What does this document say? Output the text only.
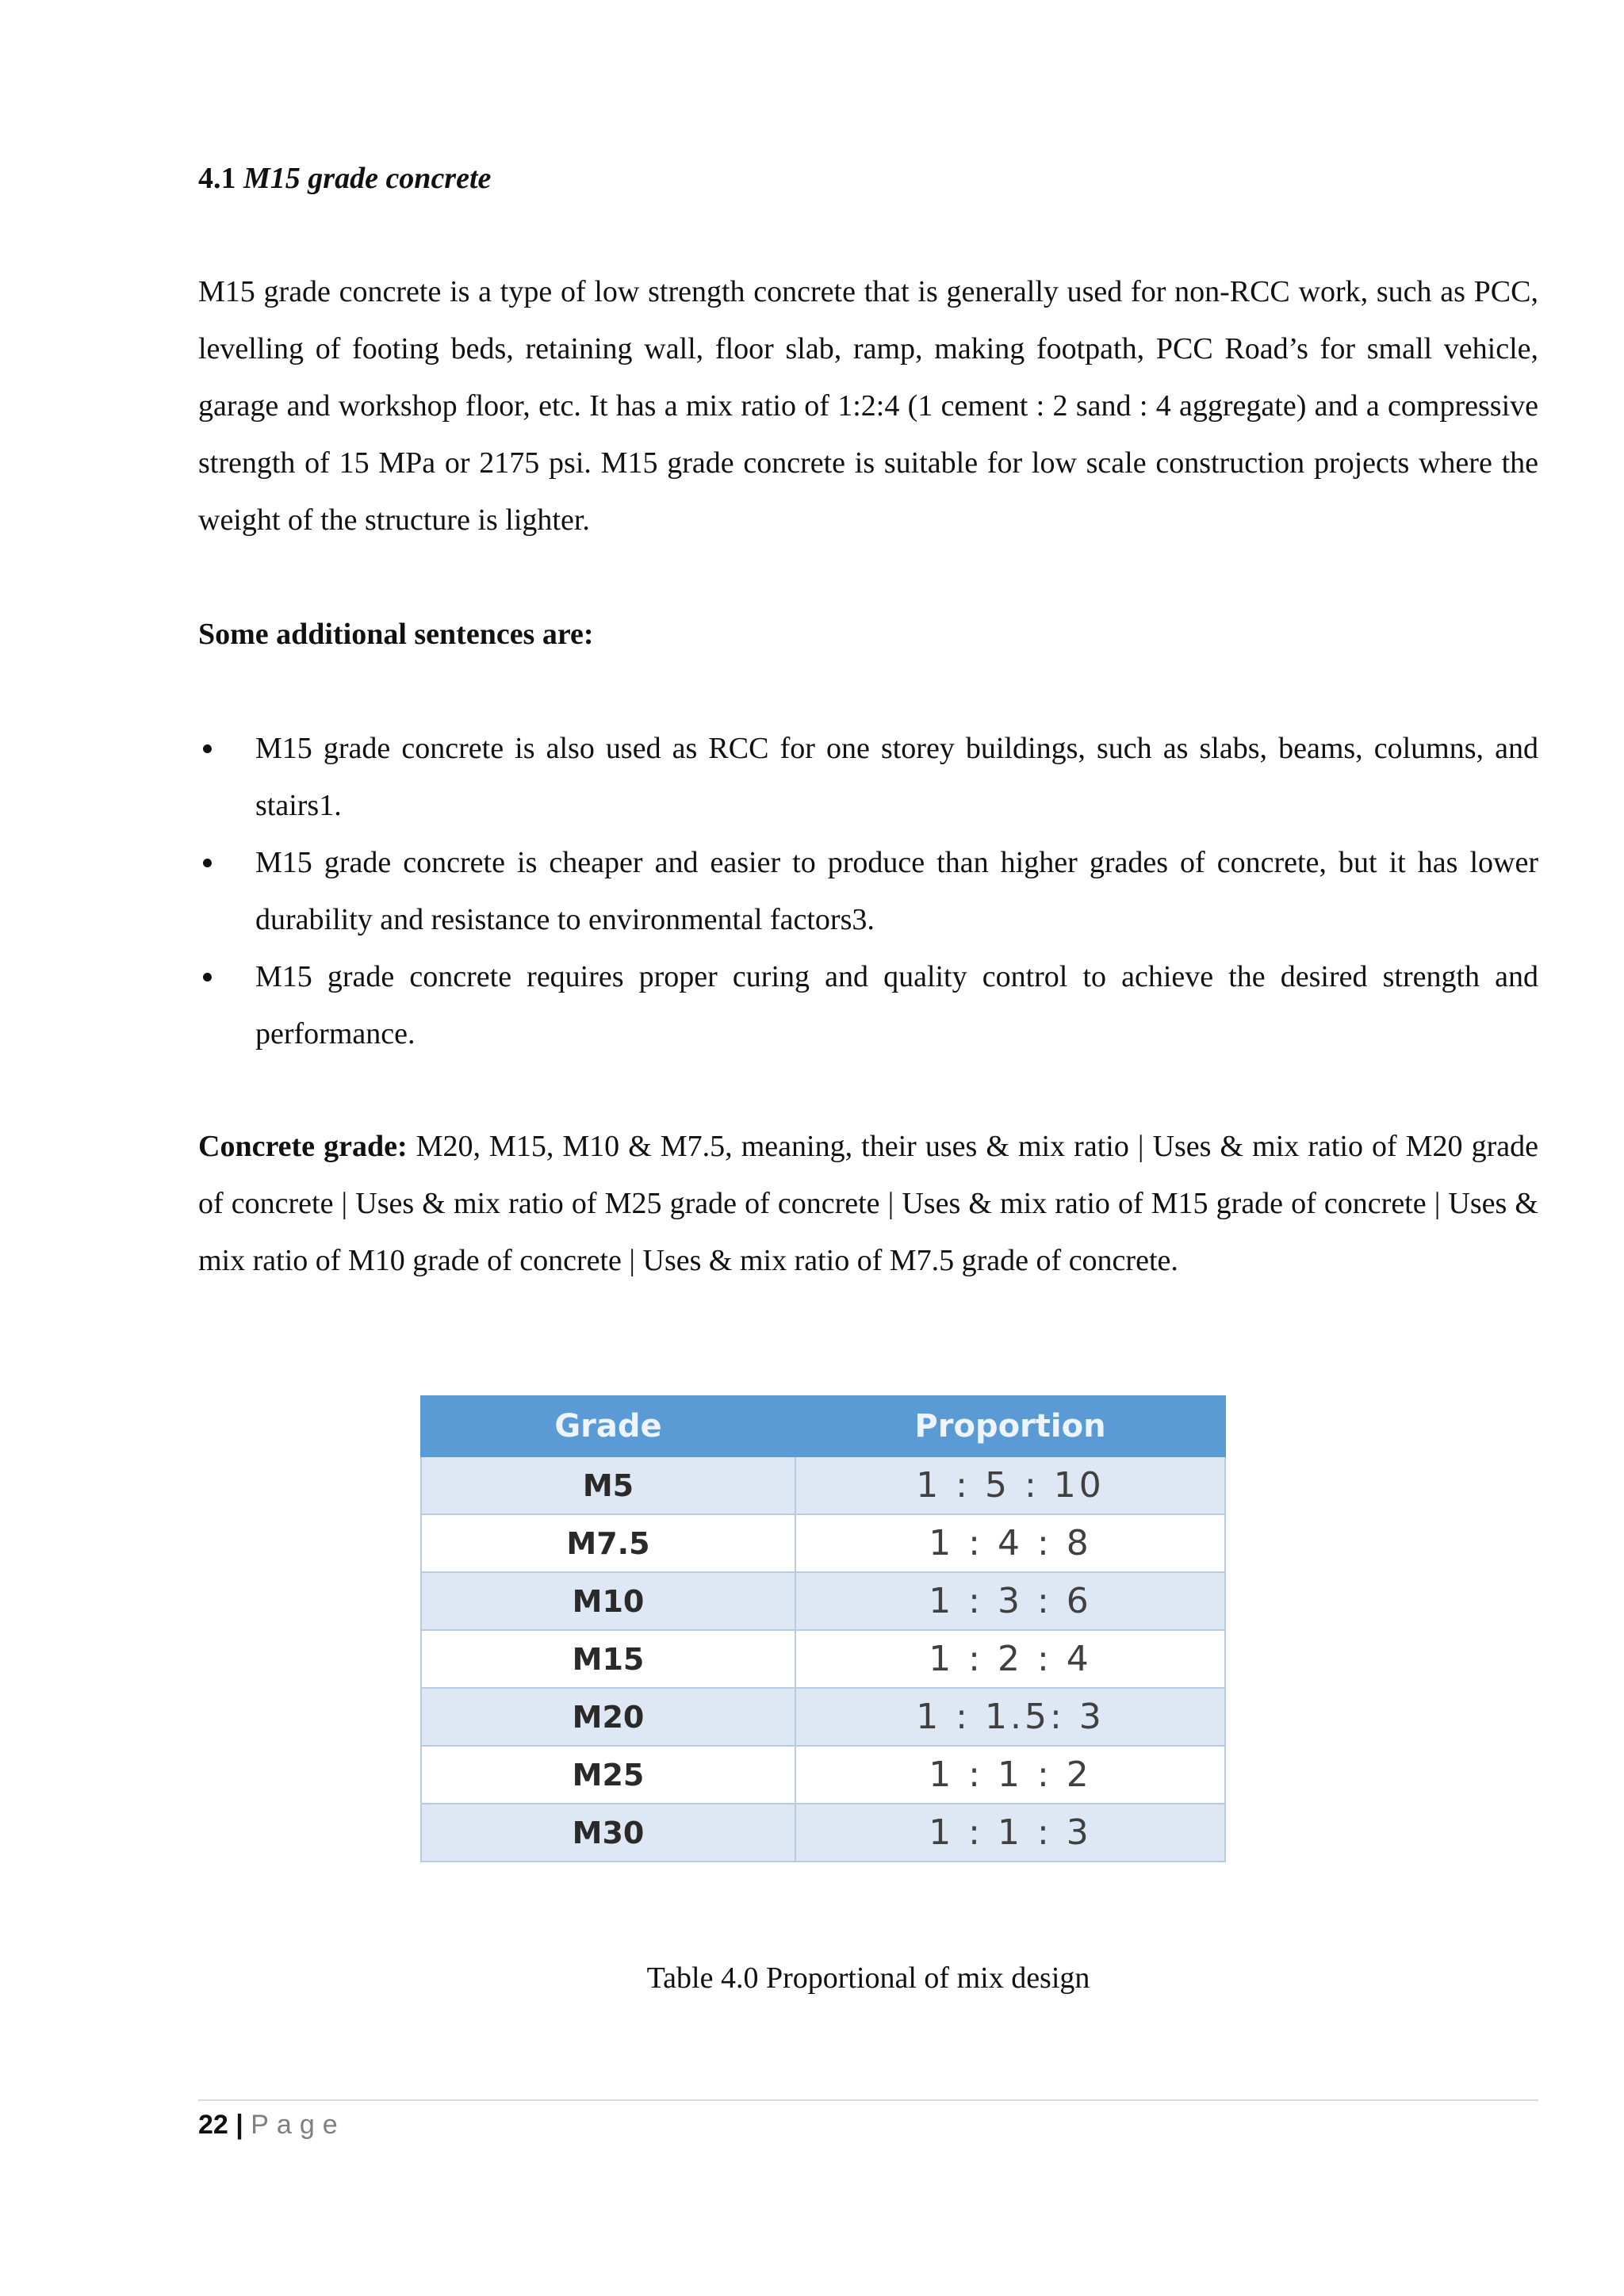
4.1 M15 grade concrete

M15 grade concrete is a type of low strength concrete that is generally used for non-RCC work, such as PCC, levelling of footing beds, retaining wall, floor slab, ramp, making footpath, PCC Road’s for small vehicle, garage and workshop floor, etc. It has a mix ratio of 1:2:4 (1 cement : 2 sand : 4 aggregate) and a compressive strength of 15 MPa or 2175 psi. M15 grade concrete is suitable for low scale construction projects where the weight of the structure is lighter.

Some additional sentences are:

M15 grade concrete is also used as RCC for one storey buildings, such as slabs, beams, columns, and stairs1.
M15 grade concrete is cheaper and easier to produce than higher grades of concrete, but it has lower durability and resistance to environmental factors3.
M15 grade concrete requires proper curing and quality control to achieve the desired strength and performance.

Concrete grade: M20, M15, M10 & M7.5, meaning, their uses & mix ratio | Uses & mix ratio of M20 grade of concrete | Uses & mix ratio of M25 grade of concrete | Uses & mix ratio of M15 grade of concrete | Uses & mix ratio of M10 grade of concrete | Uses & mix ratio of M7.5 grade of concrete.

Grade	Proportion
M5	1 : 5 : 10
M7.5	1 : 4 : 8
M10	1 : 3 : 6
M15	1 : 2 : 4
M20	1 : 1.5: 3
M25	1 : 1 : 2
M30	1 : 1 : 3

Table 4.0 Proportional of mix design

22 | Page
